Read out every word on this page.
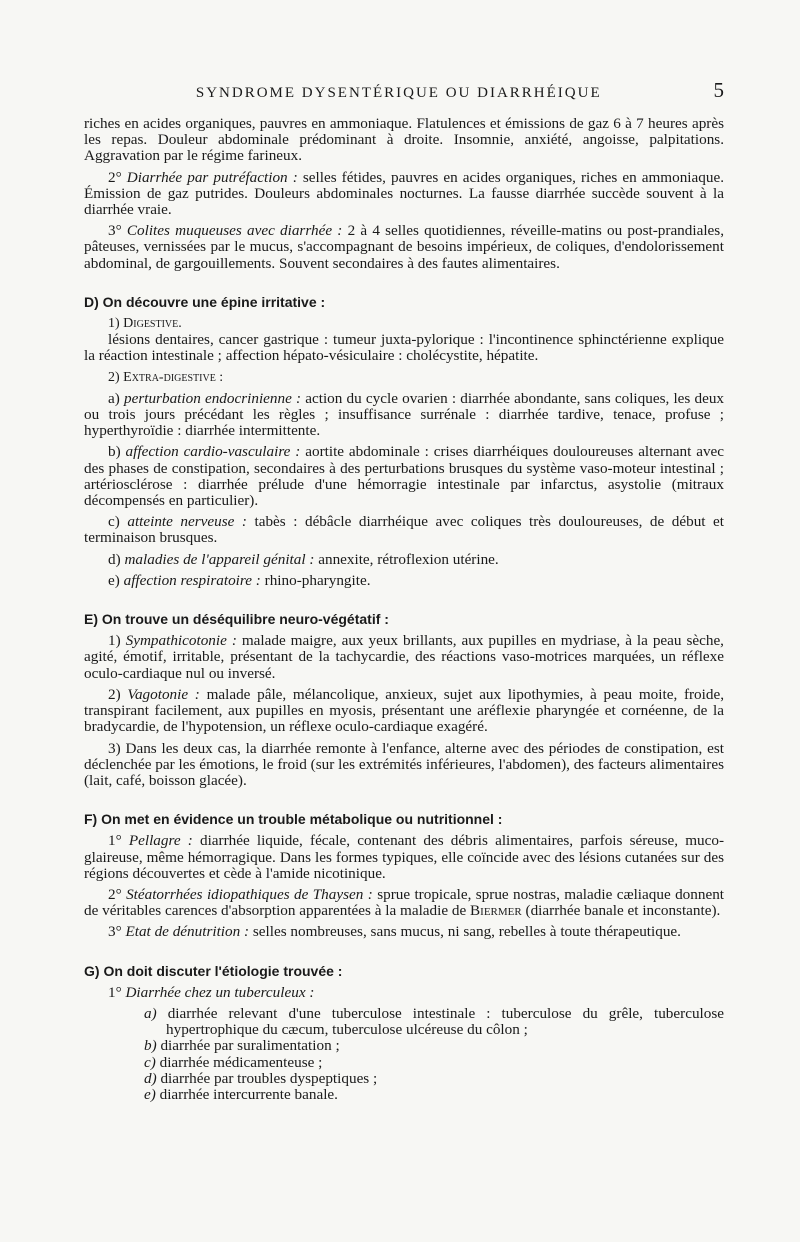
SYNDROME DYSENTÉRIQUE OU DIARRHÉIQUE	5

riches en acides organiques, pauvres en ammoniaque. Flatulences et émissions de gaz 6 à 7 heures après les repas. Douleur abdominale prédominant à droite. Insomnie, anxiété, angoisse, palpitations. Aggravation par le régime farineux.

2° Diarrhée par putréfaction : selles fétides, pauvres en acides organiques, riches en ammoniaque. Émission de gaz putrides. Douleurs abdominales nocturnes. La fausse diarrhée succède souvent à la diarrhée vraie.

3° Colites muqueuses avec diarrhée : 2 à 4 selles quotidiennes, réveille-matins ou post-prandiales, pâteuses, vernissées par le mucus, s'accompagnant de besoins impérieux, de coliques, d'endolorissement abdominal, de gargouillements. Souvent secondaires à des fautes alimentaires.

D) On découvre une épine irritative :

1) Digestive.

lésions dentaires, cancer gastrique : tumeur juxta-pylorique : l'incontinence sphinctérienne explique la réaction intestinale ; affection hépato-vésiculaire : cholécystite, hépatite.

2) Extra-digestive :

a) perturbation endocrinienne : action du cycle ovarien : diarrhée abondante, sans coliques, les deux ou trois jours précédant les règles ; insuffisance surrénale : diarrhée tardive, tenace, profuse ; hyperthyroïdie : diarrhée intermittente.

b) affection cardio-vasculaire : aortite abdominale : crises diarrhéiques douloureuses alternant avec des phases de constipation, secondaires à des perturbations brusques du système vaso-moteur intestinal ; artériosclérose : diarrhée prélude d'une hémorragie intestinale par infarctus, asystolie (mitraux décompensés en particulier).

c) atteinte nerveuse : tabès : débâcle diarrhéique avec coliques très douloureuses, de début et terminaison brusques.

d) maladies de l'appareil génital : annexite, rétroflexion utérine.

e) affection respiratoire : rhino-pharyngite.

E) On trouve un déséquilibre neuro-végétatif :

1) Sympathicotonie : malade maigre, aux yeux brillants, aux pupilles en mydriase, à la peau sèche, agité, émotif, irritable, présentant de la tachycardie, des réactions vaso-motrices marquées, un réflexe oculo-cardiaque nul ou inversé.

2) Vagotonie : malade pâle, mélancolique, anxieux, sujet aux lipothymies, à peau moite, froide, transpirant facilement, aux pupilles en myosis, présentant une aréflexie pharyngée et cornéenne, de la bradycardie, de l'hypotension, un réflexe oculo-cardiaque exagéré.

3) Dans les deux cas, la diarrhée remonte à l'enfance, alterne avec des périodes de constipation, est déclenchée par les émotions, le froid (sur les extrémités inférieures, l'abdomen), des facteurs alimentaires (lait, café, boisson glacée).

F) On met en évidence un trouble métabolique ou nutritionnel :

1° Pellagre : diarrhée liquide, fécale, contenant des débris alimentaires, parfois séreuse, muco-glaireuse, même hémorragique. Dans les formes typiques, elle coïncide avec des lésions cutanées sur des régions découvertes et cède à l'amide nicotinique.

2° Stéatorrhées idiopathiques de Thaysen : sprue tropicale, sprue nostras, maladie cæliaque donnent de véritables carences d'absorption apparentées à la maladie de Biermer (diarrhée banale et inconstante).

3° Etat de dénutrition : selles nombreuses, sans mucus, ni sang, rebelles à toute thérapeutique.

G) On doit discuter l'étiologie trouvée :

1° Diarrhée chez un tuberculeux :

a) diarrhée relevant d'une tuberculose intestinale : tuberculose du grêle, tuberculose hypertrophique du cæcum, tuberculose ulcéreuse du côlon ;

b) diarrhée par suralimentation ;

c) diarrhée médicamenteuse ;

d) diarrhée par troubles dyspeptiques ;

e) diarrhée intercurrente banale.
